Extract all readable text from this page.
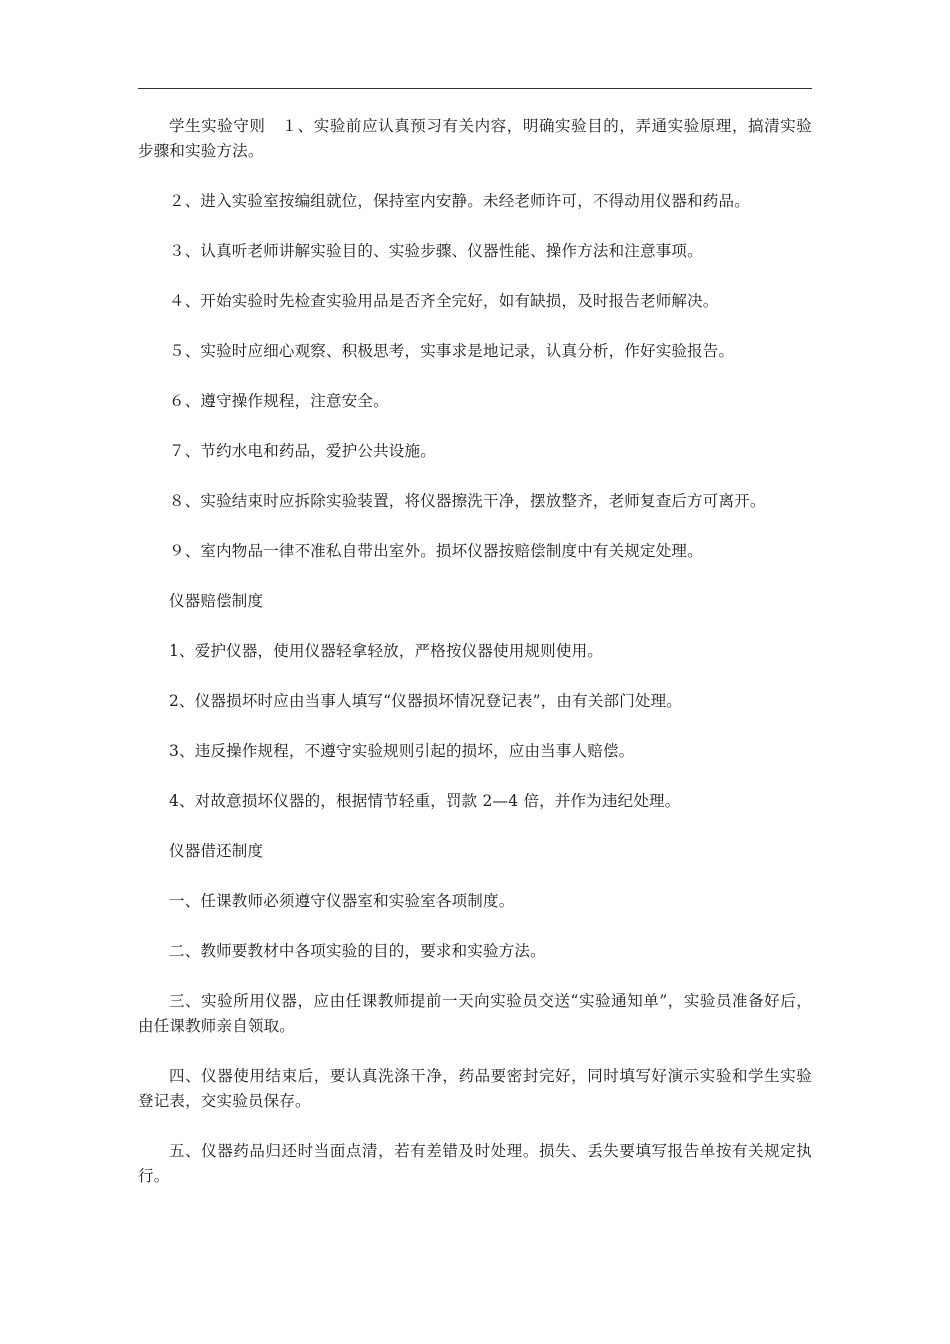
学生实验守则　１、实验前应认真预习有关内容，明确实验目的，弄通实验原理，搞清实验步骤和实验方法。

２、进入实验室按编组就位，保持室内安静。未经老师许可，不得动用仪器和药品。

３、认真听老师讲解实验目的、实验步骤、仪器性能、操作方法和注意事项。

４、开始实验时先检查实验用品是否齐全完好，如有缺损，及时报告老师解决。

５、实验时应细心观察、积极思考，实事求是地记录，认真分析，作好实验报告。

６、遵守操作规程，注意安全。

７、节约水电和药品，爱护公共设施。

８、实验结束时应拆除实验装置，将仪器擦洗干净，摆放整齐，老师复查后方可离开。

９、室内物品一律不准私自带出室外。损坏仪器按赔偿制度中有关规定处理。

仪器赔偿制度

1、爱护仪器，使用仪器轻拿轻放，严格按仪器使用规则使用。

2、仪器损坏时应由当事人填写“仪器损坏情况登记表”，由有关部门处理。

3、违反操作规程，不遵守实验规则引起的损坏，应由当事人赔偿。

4、对故意损坏仪器的，根据情节轻重，罚款 2—4 倍，并作为违纪处理。

仪器借还制度

一、任课教师必须遵守仪器室和实验室各项制度。

二、教师要教材中各项实验的目的，要求和实验方法。

三、实验所用仪器，应由任课教师提前一天向实验员交送“实验通知单”，实验员准备好后，由任课教师亲自领取。

四、仪器使用结束后，要认真洗涤干净，药品要密封完好，同时填写好演示实验和学生实验登记表，交实验员保存。

五、仪器药品归还时当面点清，若有差错及时处理。损失、丢失要填写报告单按有关规定执行。
